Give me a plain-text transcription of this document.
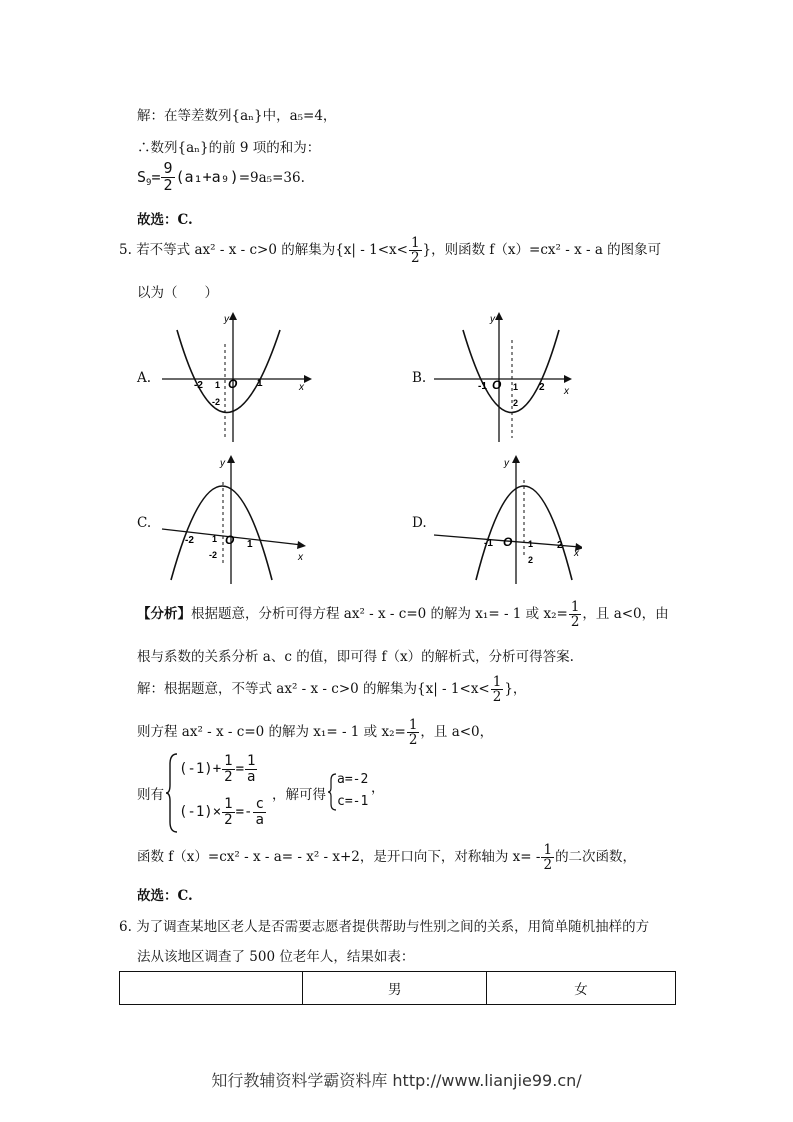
解：在等差数列{aₙ}中，a₅=4，
∴数列{aₙ}的前 9 项的和为：
$S_9= \frac{9}{2} (a_1+a_9)=9a_5=36$.
故选：C.
5. 若不等式 ax² - x - c>0 的解集为{$x| - 1<x< \frac{1}{2}$ }，则函数 f（x）=cx² - x - a 的图象可
以为（　　）
A.	B.
C.	D.
-2 1
-2
O 1	x
y
-1 O 1
2
2 x
y
-2 1
-2
O 1
x
y
-1 O 1
2
2
x
y
【分析】根据题意，分析可得方程 ax² - x - c=0 的解为 x₁= - 1 或 $x_2= \frac{1}{2}$ ，且 a<0，由
根与系数的关系分析 a、c 的值，即可得 f（x）的解析式，分析可得答案.
解：根据题意，不等式 ax² - x - c>0 的解集为{$x| - 1<x< \frac{1}{2}$ }，
则方程 ax² - x - c=0 的解为 x₁= - 1 或 $x_2= \frac{1}{2}$ ，且 a<0，
则有
$(-1)+ \frac{1}{2} = \frac{1}{a}$
$(-1)\times \frac{1}{2} =- \frac{c}{a}$
，解可得
a=-2
c=-1
，
函数 f（x）=cx² - x - a= - x² - x+2，是开口向下，对称轴为 $x= - \frac{1}{2}$ 的二次函数，
故选：C.
6. 为了调查某地区老人是否需要志愿者提供帮助与性别之间的关系，用简单随机抽样的方
法从该地区调查了 500 位老年人，结果如表：
	男	女
知行教辅资料学霸资料库 http://www.lianjie99.cn/
